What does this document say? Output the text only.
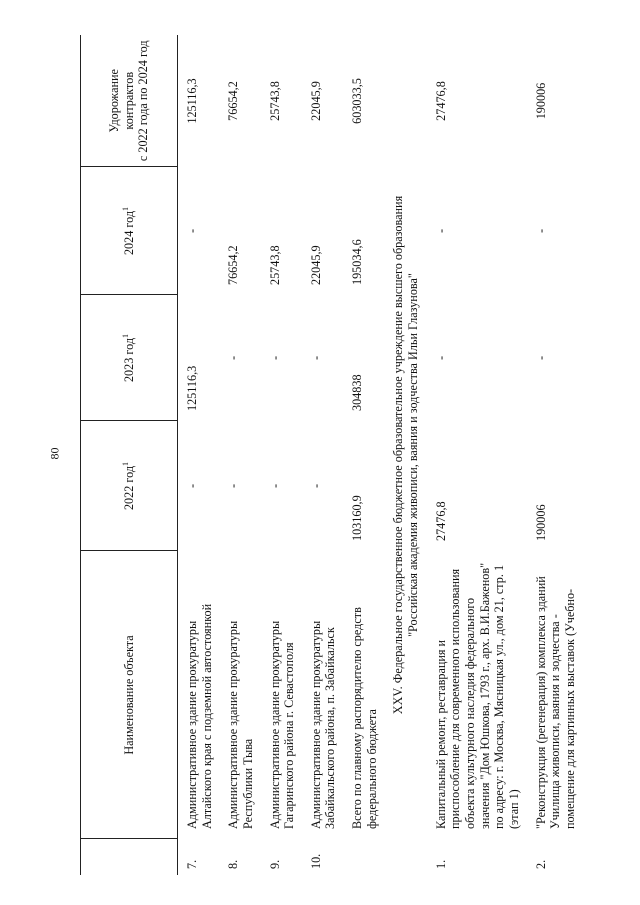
80
	Наименование объекта	2022 год$^1$	2023 год$^1$	2024 год$^1$	Удорожание контрактов с 2022 года по 2024 год

7.	Административное здание прокуратуры Алтайского края с подземной автостоянкой	-	125116,3	-	125116,3
8.	Административное здание прокуратуры Республики Тыва	-	-	76654,2	76654,2
9.	Административное здание прокуратуры Гагаринского района г. Севастополя	-	-	25743,8	25743,8
10.	Административное здание прокуратуры Забайкальского района, п. Забайкальск	-	-	22045,9	22045,9
	Всего по главному распорядителю средств федерального бюджета	103160,9	304838	195034,6	603033,5

XXV. Федеральное государственное бюджетное образовательное учреждение высшего образования "Российская академия живописи, ваяния и зодчества Ильи Глазунова"					

1.	Капитальный ремонт, реставрация и приспособление для современного использования объекта культурного наследия федерального значения "Дом Юшкова, 1793 г., арх. В.И.Баженов" по адресу: г. Москва, Мясницкая ул., дом 21, стр. 1 (этап 1)	27476,8	-	-	27476,8
2.	"Реконструкция (регенерация) комплекса зданий Училища живописи, ваяния и зодчества - помещение для картинных выставок (Учебно-	190006	-	-	190006
